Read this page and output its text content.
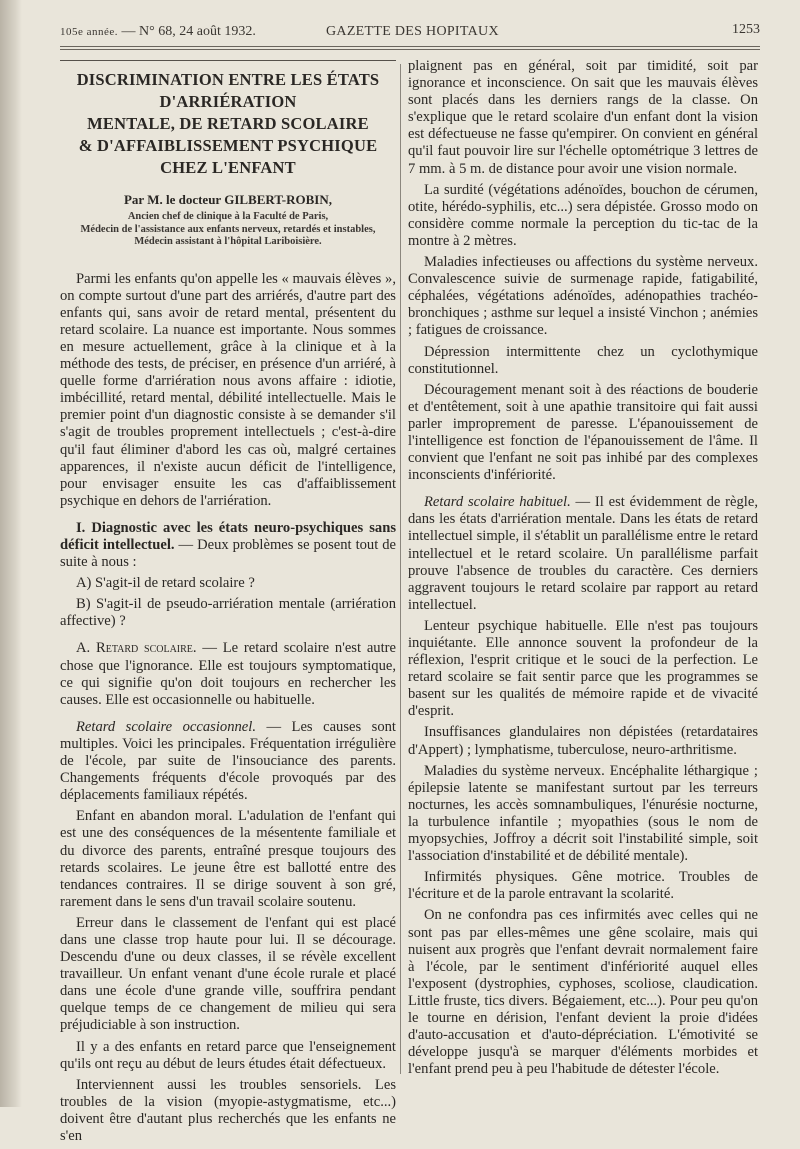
105e année. — N° 68, 24 août 1932.	GAZETTE DES HOPITAUX	1253
DISCRIMINATION ENTRE LES ÉTATS D'ARRIÉRATION
MENTALE, DE RETARD SCOLAIRE
& D'AFFAIBLISSEMENT PSYCHIQUE CHEZ L'ENFANT
Par M. le docteur GILBERT-ROBIN,
Ancien chef de clinique à la Faculté de Paris,
Médecin de l'assistance aux enfants nerveux, retardés et instables,
Médecin assistant à l'hôpital Lariboisière.

Parmi les enfants qu'on appelle les « mauvais élèves », on compte surtout d'une part des arriérés, d'autre part des enfants qui, sans avoir de retard mental, présentent du retard scolaire. La nuance est importante. Nous sommes en mesure actuellement, grâce à la clinique et à la méthode des tests, de préciser, en présence d'un arriéré, à quelle forme d'arriération nous avons affaire : idiotie, imbécillité, retard mental, débilité intellectuelle. Mais le premier point d'un diagnostic consiste à se demander s'il s'agit de troubles proprement intellectuels ; c'est-à-dire qu'il faut éliminer d'abord les cas où, malgré certaines apparences, il n'existe aucun déficit de l'intelligence, pour envisager ensuite les cas d'affaiblissement psychique en dehors de l'arriération.

I. Diagnostic avec les états neuro-psychiques sans déficit intellectuel. — Deux problèmes se posent tout de suite à nous :

A) S'agit-il de retard scolaire ?

B) S'agit-il de pseudo-arriération mentale (arriération affective) ?

A. Retard scolaire. — Le retard scolaire n'est autre chose que l'ignorance. Elle est toujours symptomatique, ce qui signifie qu'on doit toujours en rechercher les causes. Elle est occasionnelle ou habituelle.

Retard scolaire occasionnel. — Les causes sont multiples. Voici les principales. Fréquentation irrégulière de l'école, par suite de l'insouciance des parents. Changements fréquents d'école provoqués par des déplacements familiaux répétés.

Enfant en abandon moral. L'adulation de l'enfant qui est une des conséquences de la mésentente familiale et du divorce des parents, entraîné presque toujours des retards scolaires. Le jeune être est ballotté entre des tendances contraires. Il se dirige souvent à son gré, rarement dans le sens d'un travail scolaire soutenu.

Erreur dans le classement de l'enfant qui est placé dans une classe trop haute pour lui. Il se décourage. Descendu d'une ou deux classes, il se révèle excellent travailleur. Un enfant venant d'une école rurale et placé dans une école d'une grande ville, souffrira pendant quelque temps de ce changement de milieu qui sera préjudiciable à son instruction.

Il y a des enfants en retard parce que l'enseignement qu'ils ont reçu au début de leurs études était défectueux.

Interviennent aussi les troubles sensoriels. Les troubles de la vision (myopie-astygmatisme, etc...) doivent être d'autant plus recherchés que les enfants ne s'en

plaignent pas en général, soit par timidité, soit par ignorance et inconscience. On sait que les mauvais élèves sont placés dans les derniers rangs de la classe. On s'explique que le retard scolaire d'un enfant dont la vision est défectueuse ne fasse qu'empirer. On convient en général qu'il faut pouvoir lire sur l'échelle optométrique 3 lettres de 7 mm. à 5 m. de distance pour avoir une vision normale.

La surdité (végétations adénoïdes, bouchon de cérumen, otite, hérédo-syphilis, etc...) sera dépistée. Grosso modo on considère comme normale la perception du tic-tac de la montre à 2 mètres.

Maladies infectieuses ou affections du système nerveux. Convalescence suivie de surmenage rapide, fatigabilité, céphalées, végétations adénoïdes, adénopathies trachéo-bronchiques ; asthme sur lequel a insisté Vinchon ; anémies ; fatigues de croissance.

Dépression intermittente chez un cyclothymique constitutionnel.

Découragement menant soit à des réactions de bouderie et d'entêtement, soit à une apathie transitoire qui fait aussi parler improprement de paresse. L'épanouissement de l'intelligence est fonction de l'épanouissement de l'âme. Il convient que l'enfant ne soit pas inhibé par des complexes inconscients d'infériorité.

Retard scolaire habituel. — Il est évidemment de règle, dans les états d'arriération mentale. Dans les états de retard intellectuel simple, il s'établit un parallélisme entre le retard intellectuel et le retard scolaire. Un parallélisme parfait prouve l'absence de troubles du caractère. Ces derniers aggravent toujours le retard scolaire par rapport au retard intellectuel.

Lenteur psychique habituelle. Elle n'est pas toujours inquiétante. Elle annonce souvent la profondeur de la réflexion, l'esprit critique et le souci de la perfection. Le retard scolaire se fait sentir parce que les programmes se basent sur les qualités de mémoire rapide et de vivacité d'esprit.

Insuffisances glandulaires non dépistées (retardataires d'Appert) ; lymphatisme, tuberculose, neuro-arthritisme.

Maladies du système nerveux. Encéphalite léthargique ; épilepsie latente se manifestant surtout par les terreurs nocturnes, les accès somnambuliques, l'énurésie nocturne, la turbulence infantile ; myopathies (sous le nom de myopsychies, Joffroy a décrit soit l'instabilité simple, soit l'association d'instabilité et de débilité mentale).

Infirmités physiques. Gêne motrice. Troubles de l'écriture et de la parole entravant la scolarité.

On ne confondra pas ces infirmités avec celles qui ne sont pas par elles-mêmes une gêne scolaire, mais qui nuisent aux progrès que l'enfant devrait normalement faire à l'école, par le sentiment d'infériorité auquel elles l'exposent (dystrophies, cyphoses, scoliose, claudication. Little fruste, tics divers. Bégaiement, etc...). Pour peu qu'on le tourne en dérision, l'enfant devient la proie d'idées d'auto-accusation et d'auto-dépréciation. L'émotivité se développe jusqu'à se marquer d'éléments morbides et l'enfant prend peu à peu l'habitude de détester l'école.
